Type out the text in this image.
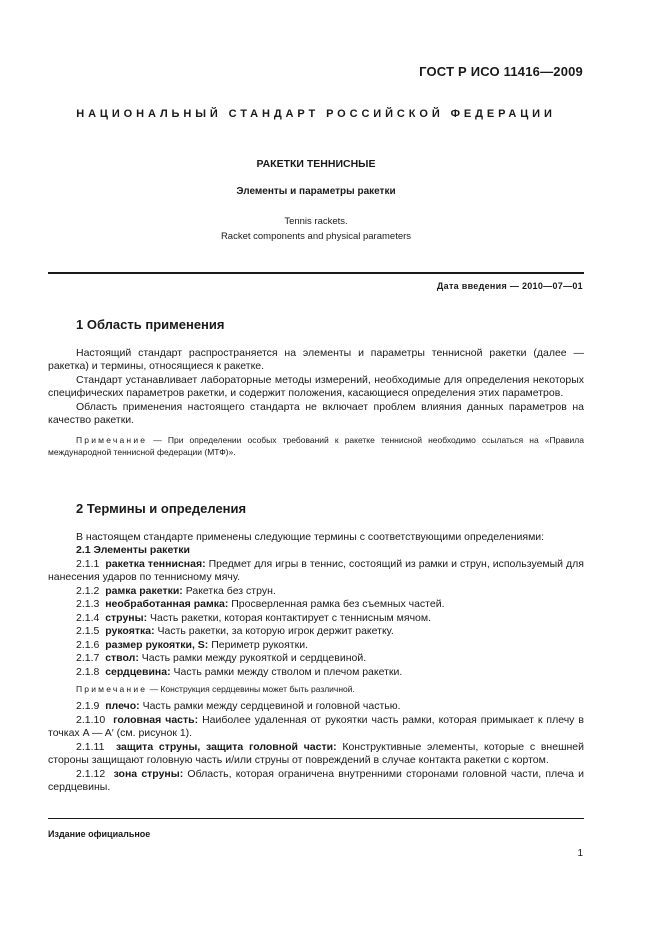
ГОСТ Р ИСО 11416—2009
НАЦИОНАЛЬНЫЙ СТАНДАРТ РОССИЙСКОЙ ФЕДЕРАЦИИ
РАКЕТКИ ТЕННИСНЫЕ
Элементы и параметры ракетки
Tennis rackets.
Racket components and physical parameters
Дата введения — 2010—07—01
1 Область применения

Настоящий стандарт распространяется на элементы и параметры теннисной ракетки (далее — ракетка) и термины, относящиеся к ракетке.

Стандарт устанавливает лабораторные методы измерений, необходимые для определения некоторых специфических параметров ракетки, и содержит положения, касающиеся определения этих параметров.

Область применения настоящего стандарта не включает проблем влияния данных параметров на качество ракетки.

Примечание — При определении особых требований к ракетке теннисной необходимо ссылаться на «Правила международной теннисной федерации (МТФ)».

2 Термины и определения

В настоящем стандарте применены следующие термины с соответствующими определениями:

2.1 Элементы ракетки

2.1.1 ракетка теннисная: Предмет для игры в теннис, состоящий из рамки и струн, используемый для нанесения ударов по теннисному мячу.

2.1.2 рамка ракетки: Ракетка без струн.

2.1.3 необработанная рамка: Просверленная рамка без съемных частей.

2.1.4 струны: Часть ракетки, которая контактирует с теннисным мячом.

2.1.5 рукоятка: Часть ракетки, за которую игрок держит ракетку.

2.1.6 размер рукоятки, S: Периметр рукоятки.

2.1.7 ствол: Часть рамки между рукояткой и сердцевиной.

2.1.8 сердцевина: Часть рамки между стволом и плечом ракетки.

Примечание — Конструкция сердцевины может быть различной.

2.1.9 плечо: Часть рамки между сердцевиной и головной частью.

2.1.10 головная часть: Наиболее удаленная от рукоятки часть рамки, которая примыкает к плечу в точках A — A′ (см. рисунок 1).

2.1.11 защита струны, защита головной части: Конструктивные элементы, которые с внешней стороны защищают головную часть и/или струны от повреждений в случае контакта ракетки с кортом.

2.1.12 зона струны: Область, которая ограничена внутренними сторонами головной части, плеча и сердцевины.

Издание официальное
1
